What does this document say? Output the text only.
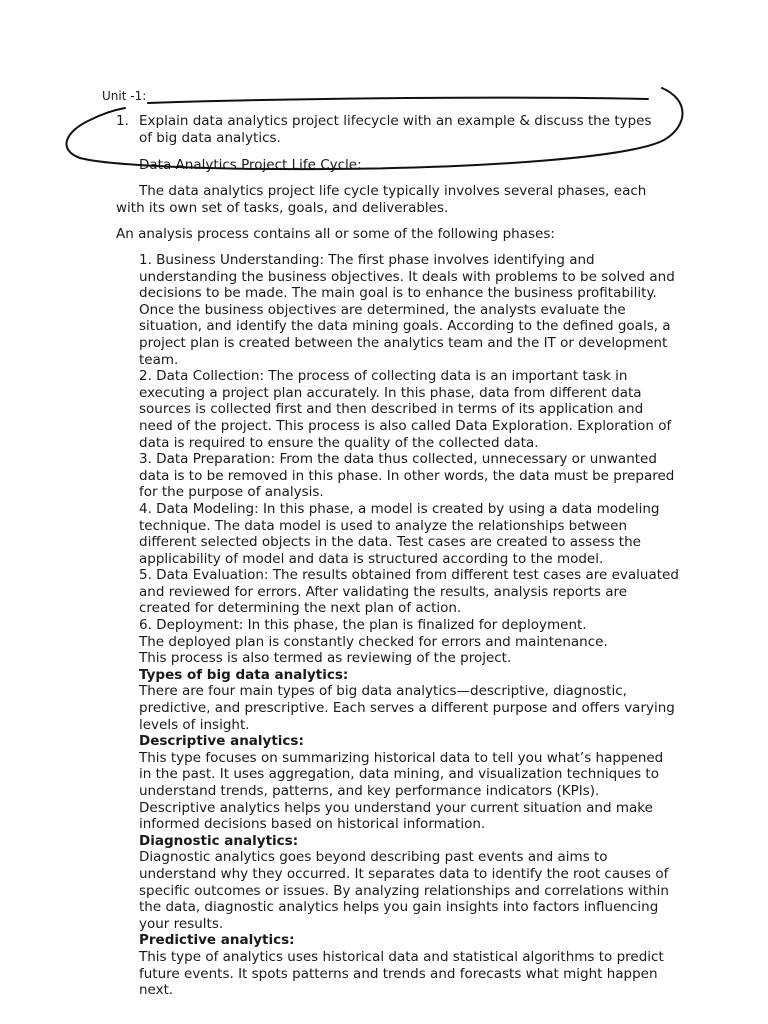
Unit -1:
1. Explain data analytics project lifecycle with an example & discuss the types of big data analytics.
Data Analytics Project Life Cycle:
The data analytics project life cycle typically involves several phases, each with its own set of tasks, goals, and deliverables.
An analysis process contains all or some of the following phases:

1. Business Understanding: The first phase involves identifying and understanding the business objectives. It deals with problems to be solved and decisions to be made. The main goal is to enhance the business profitability. Once the business objectives are determined, the analysts evaluate the situation, and identify the data mining goals. According to the defined goals, a project plan is created between the analytics team and the IT or development team.

2. Data Collection: The process of collecting data is an important task in executing a project plan accurately. In this phase, data from different data sources is collected first and then described in terms of its application and need of the project. This process is also called Data Exploration. Exploration of data is required to ensure the quality of the collected data.

3. Data Preparation: From the data thus collected, unnecessary or unwanted data is to be removed in this phase. In other words, the data must be prepared for the purpose of analysis.

4. Data Modeling: In this phase, a model is created by using a data modeling technique. The data model is used to analyze the relationships between different selected objects in the data. Test cases are created to assess the applicability of model and data is structured according to the model.

5. Data Evaluation: The results obtained from different test cases are evaluated and reviewed for errors. After validating the results, analysis reports are created for determining the next plan of action.

6. Deployment: In this phase, the plan is finalized for deployment.

The deployed plan is constantly checked for errors and maintenance.

This process is also termed as reviewing of the project.

Types of big data analytics:

There are four main types of big data analytics—descriptive, diagnostic, predictive, and prescriptive. Each serves a different purpose and offers varying levels of insight.

Descriptive analytics:

This type focuses on summarizing historical data to tell you what’s happened in the past. It uses aggregation, data mining, and visualization techniques to understand trends, patterns, and key performance indicators (KPIs). Descriptive analytics helps you understand your current situation and make informed decisions based on historical information.

Diagnostic analytics:

Diagnostic analytics goes beyond describing past events and aims to understand why they occurred. It separates data to identify the root causes of specific outcomes or issues. By analyzing relationships and correlations within the data, diagnostic analytics helps you gain insights into factors influencing your results.

Predictive analytics:

This type of analytics uses historical data and statistical algorithms to predict future events. It spots patterns and trends and forecasts what might happen next.
